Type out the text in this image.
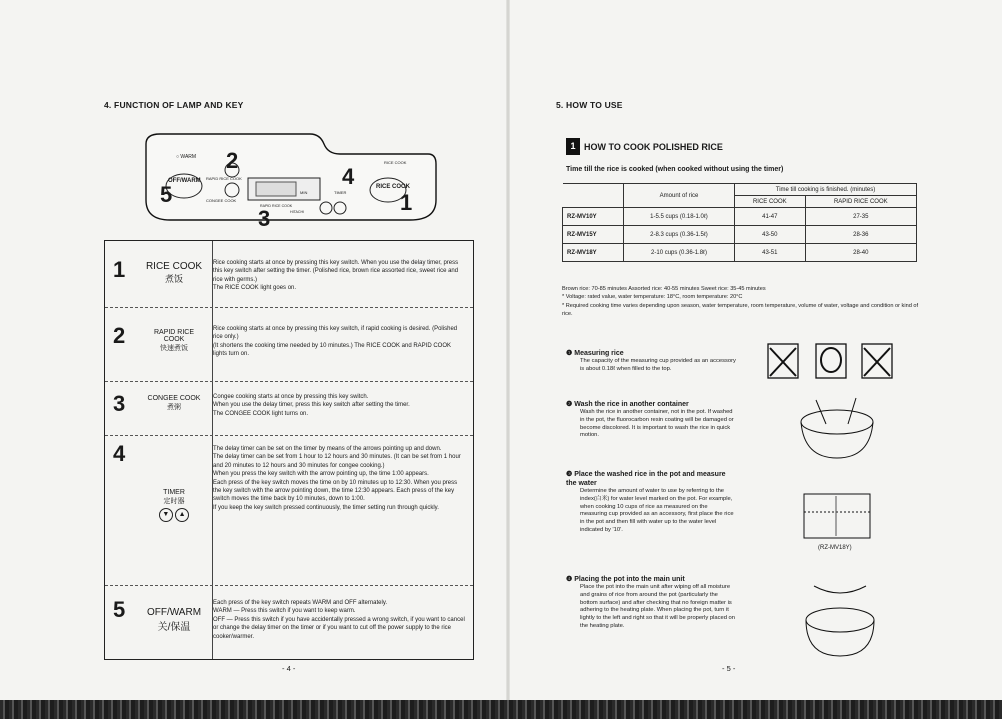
4. FUNCTION OF LAMP AND KEY
○ WARM
OFF/WARM RAPID RICE COOK
CONGEE COOK
MIN
RAPID RICE COOK
HITACHI
TIMER
RICE COOK
RICE COOK
2
3
4
1
5
1 RICE COOK
煮饭

Rice cooking starts at once by pressing this key switch. When you use the delay timer, press this key switch after setting the timer. (Polished rice, brown rice assorted rice, sweet rice and rice with germs.)

The RICE COOK light goes on.

2	RAPID RICE COOK
快速煮饭

Rice cooking starts at once by pressing this key switch, if rapid cooking is desired. (Polished rice only.)

(It shortens the cooking time needed by 10 minutes.) The RICE COOK and RAPID COOK lights turn on.

3	CONGEE COOK
煮粥

Congee cooking starts at once by pressing this key switch.

When you use the delay timer, press this key switch after setting the timer.

The CONGEE COOK light turns on.

4
TIMER
定时器
▼ ▲

The delay timer can be set on the timer by means of the arrows pointing up and down.

The delay timer can be set from 1 hour to 12 hours and 30 minutes. (It can be set from 1 hour and 20 minutes to 12 hours and 30 minutes for congee cooking.)

When you press the key switch with the arrow pointing up, the time 1:00 appears.

Each press of the key switch moves the time on by 10 minutes up to 12:30. When you press the key switch with the arrow pointing down, the time 12:30 appears. Each press of the key switch moves the time back by 10 minutes, down to 1:00.

If you keep the key switch pressed continuously, the timer setting run through quickly.

5	OFF/WARM
关/保温

Each press of the key switch repeats WARM and OFF alternately.

WARM — Press this switch if you want to keep warm.

OFF — Press this switch if you have accidentally pressed a wrong switch, if you want to cancel or change the delay timer on the timer or if you want to cut off the power supply to the rice cooker/warmer.

- 4 -
5. HOW TO USE
1 HOW TO COOK POLISHED RICE
Time till the rice is cooked (when cooked without using the timer)
	Amount of rice	Time till cooking is finished. (minutes)	
		RICE COOK	RAPID RICE COOK
RZ-MV10Y	1-5.5 cups (0.18-1.0ℓ)	41-47	27-35
RZ-MV15Y	2-8.3 cups (0.36-1.5ℓ)	43-50	28-36
RZ-MV18Y	2-10 cups (0.36-1.8ℓ)	43-51	28-40
Brown rice: 70-85 minutes Assorted rice: 40-55 minutes Sweet rice: 35-45 minutes
* Voltage: rated value, water temperature: 18°C, room temperature: 20°C
* Required cooking time varies depending upon season, water temperature, room temperature, volume of water, voltage and condition or kind of rice.
❶ Measuring rice
The capacity of the measuring cup provided as an accessory is about 0.18ℓ when filled to the top.
❷ Wash the rice in another container
Wash the rice in another container, not in the pot. If washed in the pot, the fluorocarbon resin coating will be damaged or become discolored. It is important to wash the rice in quick motion.
❸ Place the washed rice in the pot and measure the water
Determine the amount of water to use by referring to the index(白米) for water level marked on the pot. For example, when cooking 10 cups of rice as measured on the measuring cup provided as an accessory, first place the rice in the pot and then fill with water up to the water level indicated by '10'.
❹ Placing the pot into the main unit
Place the pot into the main unit after wiping off all moisture and grains of rice from around the pot (particularly the bottom surface) and after checking that no foreign matter is adhering to the heating plate. When placing the pot, turn it lightly to the left and right so that it will be properly placed on the heating plate.
(RZ-MV18Y)
- 5 -
